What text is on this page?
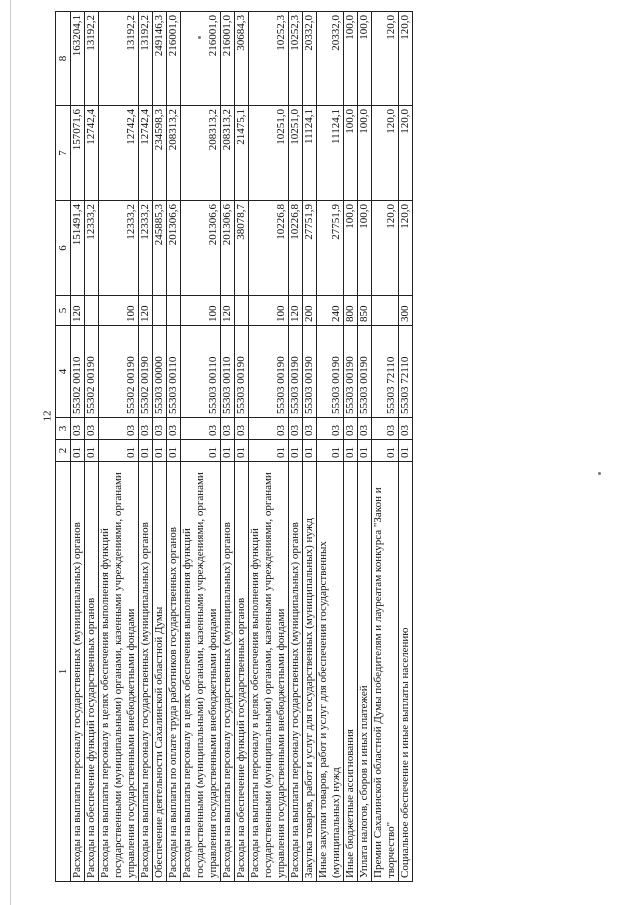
12
1	2	3	4	5	6	7	8
Расходы на выплаты персоналу государственных (муниципальных) органов	01	03	55302 00110	120	151491,4	157071,6	163204,1
Расходы на обеспечение функций государственных органов	01	03	55302 00190		12333,2	12742,4	13192,2
Расходы на выплаты персоналу в целях обеспечения выполнения функций государственными (муниципальными) органами, казенными учреждениями, органами управления государственными внебюджетными фондами	01	03	55302 00190	100	12333,2	12742,4	13192,2
Расходы на выплаты персоналу государственных (муниципальных) органов	01	03	55302 00190	120	12333,2	12742,4	13192,2
Обеспечение деятельности Сахалинской областной Думы	01	03	55303 00000		245885,3	234598,3	249146,3
Расходы на выплаты по оплате труда работников государственных органов	01	03	55303 00110		201306,6	208313,2	216001,0
Расходы на выплаты персоналу в целях обеспечения выполнения функций государственными (муниципальными) органами, казенными учреждениями, органами управления государственными внебюджетными фондами	01	03	55303 00110	100	201306,6	208313,2	216001,0
Расходы на выплаты персоналу государственных (муниципальных) органов	01	03	55303 00110	120	201306,6	208313,2	216001,0
Расходы на обеспечение функций государственных органов	01	03	55303 00190		38078,7	21475,1	30684,3
Расходы на выплаты персоналу в целях обеспечения выполнения функций государственными (муниципальными) органами, казенными учреждениями, органами управления государственными внебюджетными фондами	01	03	55303 00190	100	10226,8	10251,0	10252,3
Расходы на выплаты персоналу государственных (муниципальных) органов	01	03	55303 00190	120	10226,8	10251,0	10252,3
Закупка товаров, работ и услуг для государственных (муниципальных) нужд	01	03	55303 00190	200	27751,9	11124,1	20332,0
Иные закупки товаров, работ и услуг для обеспечения государственных (муниципальных) нужд	01	03	55303 00190	240	27751,9	11124,1	20332,0
Иные бюджетные ассигнования	01	03	55303 00190	800	100,0	100,0	100,0
Уплата налогов, сборов и иных платежей	01	03	55303 00190	850	100,0	100,0	100,0
Премии Сахалинской областной Думы победителям и лауреатам конкурса "Закон и творчество"	01	03	55303 72110		120,0	120,0	120,0
Социальное обеспечение и иные выплаты населению	01	03	55303 72110	300	120,0	120,0	120,0
